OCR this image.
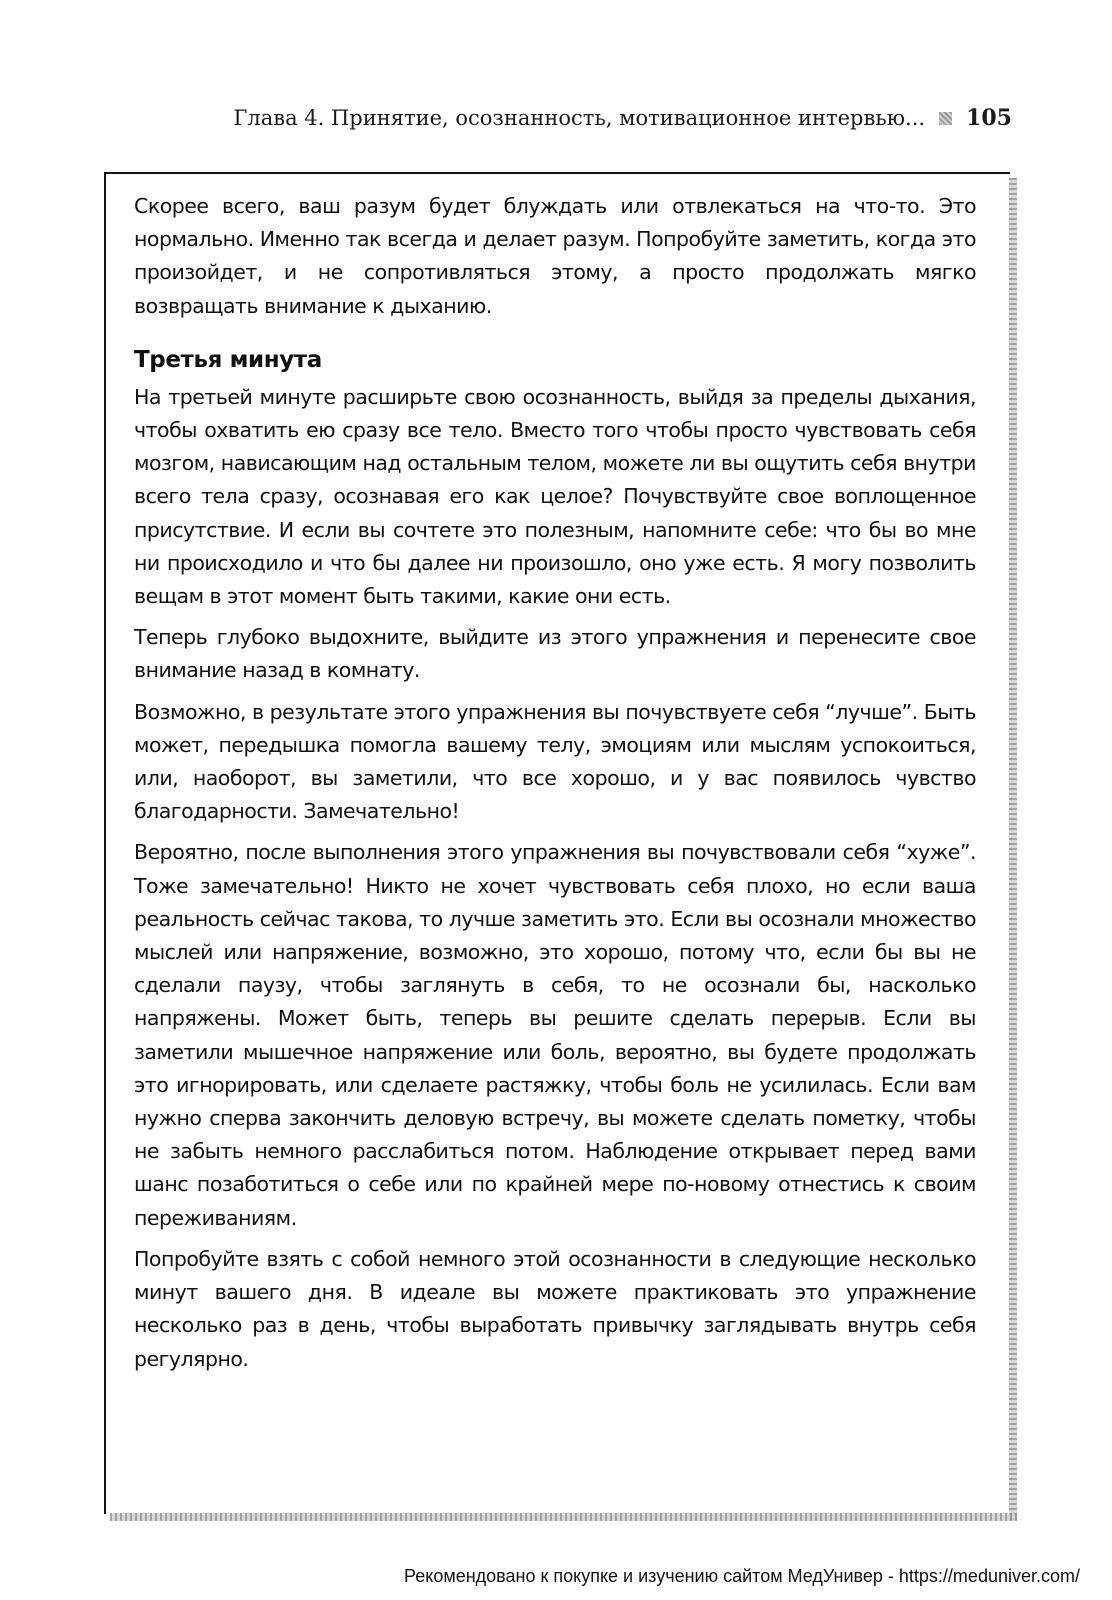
Глава 4. Принятие, осознанность, мотивационное интервью... 105

Скорее всего, ваш разум будет блуждать или отвлекаться на что-то. Это нормально. Именно так всегда и делает разум. Попробуйте заметить, когда это произойдет, и не сопротивляться этому, а просто продолжать мягко возвращать внимание к дыханию.

Третья минута

На третьей минуте расширьте свою осознанность, выйдя за пределы дыхания, чтобы охватить ею сразу все тело. Вместо того чтобы просто чувствовать себя мозгом, нависающим над остальным телом, можете ли вы ощутить себя внутри всего тела сразу, осознавая его как целое? Почувствуйте свое воплощенное присутствие. И если вы сочтете это полезным, напомните себе: что бы во мне ни происходило и что бы далее ни произошло, оно уже есть. Я могу позволить вещам в этот момент быть такими, какие они есть.

Теперь глубоко выдохните, выйдите из этого упражнения и перенесите свое внимание назад в комнату.

Возможно, в результате этого упражнения вы почувствуете себя “лучше”. Быть может, передышка помогла вашему телу, эмоциям или мыслям успокоиться, или, наоборот, вы заметили, что все хорошо, и у вас появилось чувство благодарности. Замечательно!

Вероятно, после выполнения этого упражнения вы почувствовали себя “хуже”. Тоже замечательно! Никто не хочет чувствовать себя плохо, но если ваша реальность сейчас такова, то лучше заметить это. Если вы осознали множество мыслей или напряжение, возможно, это хорошо, потому что, если бы вы не сделали паузу, чтобы заглянуть в себя, то не осознали бы, насколько напряжены. Может быть, теперь вы решите сделать перерыв. Если вы заметили мышечное напряжение или боль, вероятно, вы будете продолжать это игнорировать, или сделаете растяжку, чтобы боль не усилилась. Если вам нужно сперва закончить деловую встречу, вы можете сделать пометку, чтобы не забыть немного расслабиться потом. Наблюдение открывает перед вами шанс позаботиться о себе или по крайней мере по-новому отнестись к своим переживаниям.

Попробуйте взять с собой немного этой осознанности в следующие несколько минут вашего дня. В идеале вы можете практиковать это упражнение несколько раз в день, чтобы выработать привычку заглядывать внутрь себя регулярно.

Рекомендовано к покупке и изучению сайтом МедУнивер - https://meduniver.com/
